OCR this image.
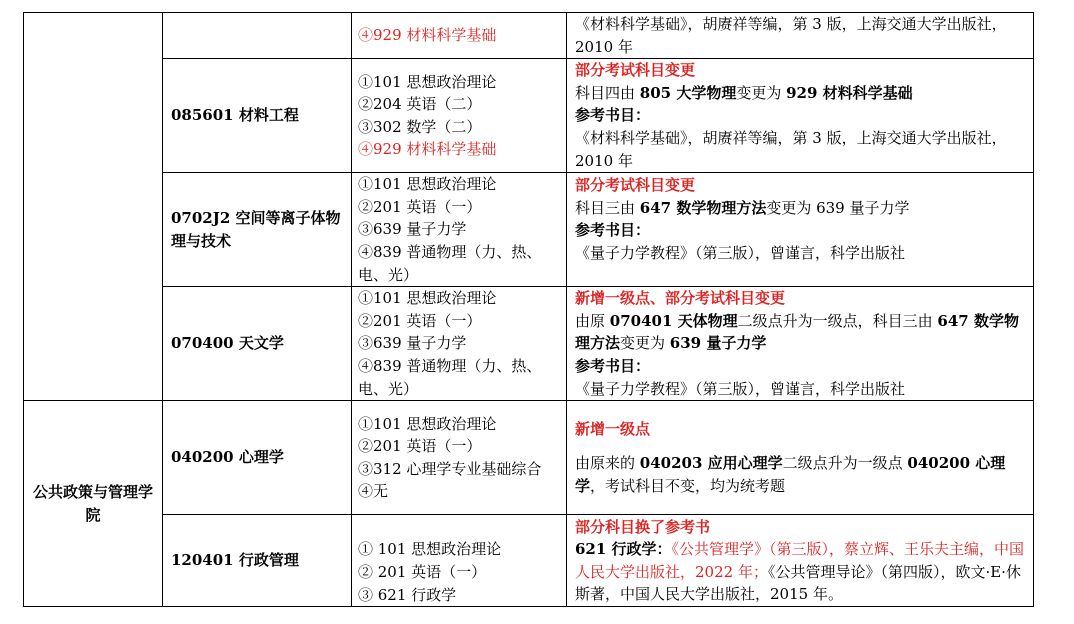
		④929 材料科学基础	《材料科学基础》，胡赓祥等编，第 3 版，上海交通大学出版社，2010 年

	085601 材料工程	①101 思想政治理论
②204 英语（二）
③302 数学（二）
④929 材料科学基础	部分考试科目变更
科目四由 805 大学物理变更为 929 材料科学基础
参考书目：
《材料科学基础》，胡赓祥等编，第 3 版，上海交通大学出版社，2010 年

	0702J2 空间等离子体物理与技术	①101 思想政治理论
②201 英语（一）
③639 量子力学
④839 普通物理（力、热、电、光）	部分考试科目变更
科目三由 647 数学物理方法变更为 639 量子力学
参考书目：
《量子力学教程》（第三版），曾谨言，科学出版社

	070400 天文学	①101 思想政治理论
②201 英语（一）
③639 量子力学
④839 普通物理（力、热、电、光）	新增一级点、部分考试科目变更
由原 070401 天体物理二级点升为一级点，科目三由 647 数学物理方法变更为 639 量子力学
参考书目：
《量子力学教程》（第三版），曾谨言，科学出版社

公共政策与管理学院	040200 心理学	①101 思想政治理论
②201 英语（一）
③312 心理学专业基础综合
④无	新增一级点
由原来的 040203 应用心理学二级点升为一级点 040200 心理学，考试科目不变，均为统考题

	120401 行政管理	① 101 思想政治理论
② 201 英语（一）
③ 621 行政学	部分科目换了参考书
621 行政学：《公共管理学》（第三版），蔡立辉、王乐夫主编，中国人民大学出版社，2022 年；《公共管理导论》（第四版），欧文·E·休斯著，中国人民大学出版社，2015 年。
